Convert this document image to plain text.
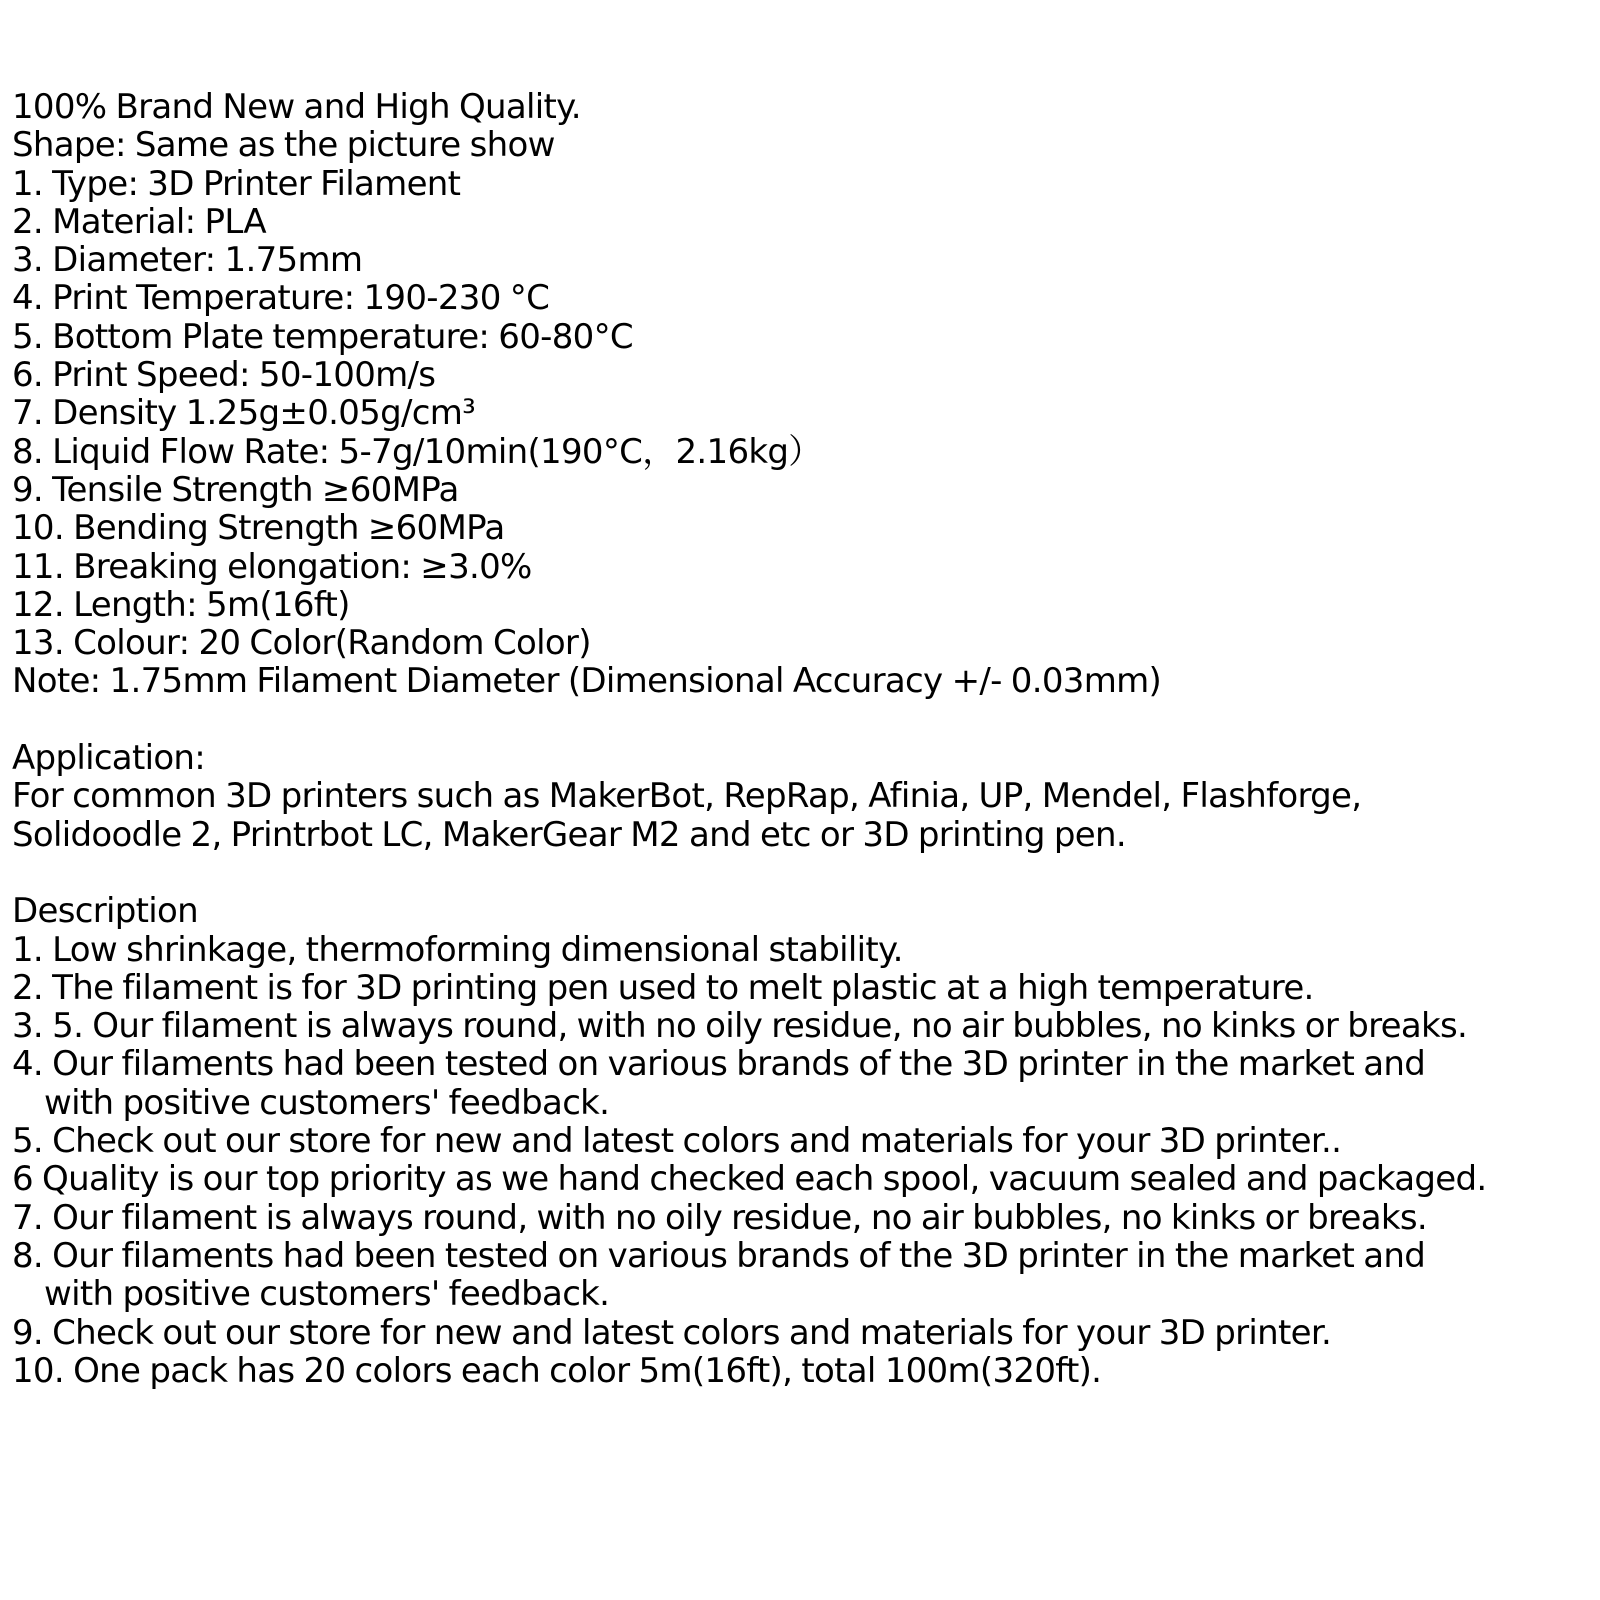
100% Brand New and High Quality.
Shape: Same as the picture show
1. Type: 3D Printer Filament
2. Material: PLA
3. Diameter: 1.75mm
4. Print Temperature: 190-230 °C
5. Bottom Plate temperature: 60-80°C
6. Print Speed: 50-100m/s
7. Density 1.25g±0.05g/cm³
8. Liquid Flow Rate: 5-7g/10min(190°C，2.16kg）
9. Tensile Strength ≥60MPa
10. Bending Strength ≥60MPa
11. Breaking elongation: ≥3.0%
12. Length: 5m(16ft)
13. Colour: 20 Color(Random Color)
Note: 1.75mm Filament Diameter (Dimensional Accuracy +/- 0.03mm)
Application:
For common 3D printers such as MakerBot, RepRap, Afinia, UP, Mendel, Flashforge,
Solidoodle 2, Printrbot LC, MakerGear M2 and etc or 3D printing pen.
Description
1. Low shrinkage, thermoforming dimensional stability.
2. The filament is for 3D printing pen used to melt plastic at a high temperature.
3. 5. Our filament is always round, with no oily residue, no air bubbles, no kinks or breaks.
4. Our filaments had been tested on various brands of the 3D printer in the market and
with positive customers' feedback.
5. Check out our store for new and latest colors and materials for your 3D printer..
6 Quality is our top priority as we hand checked each spool, vacuum sealed and packaged.
7. Our filament is always round, with no oily residue, no air bubbles, no kinks or breaks.
8. Our filaments had been tested on various brands of the 3D printer in the market and
with positive customers' feedback.
9. Check out our store for new and latest colors and materials for your 3D printer.
10. One pack has 20 colors each color 5m(16ft), total 100m(320ft).
